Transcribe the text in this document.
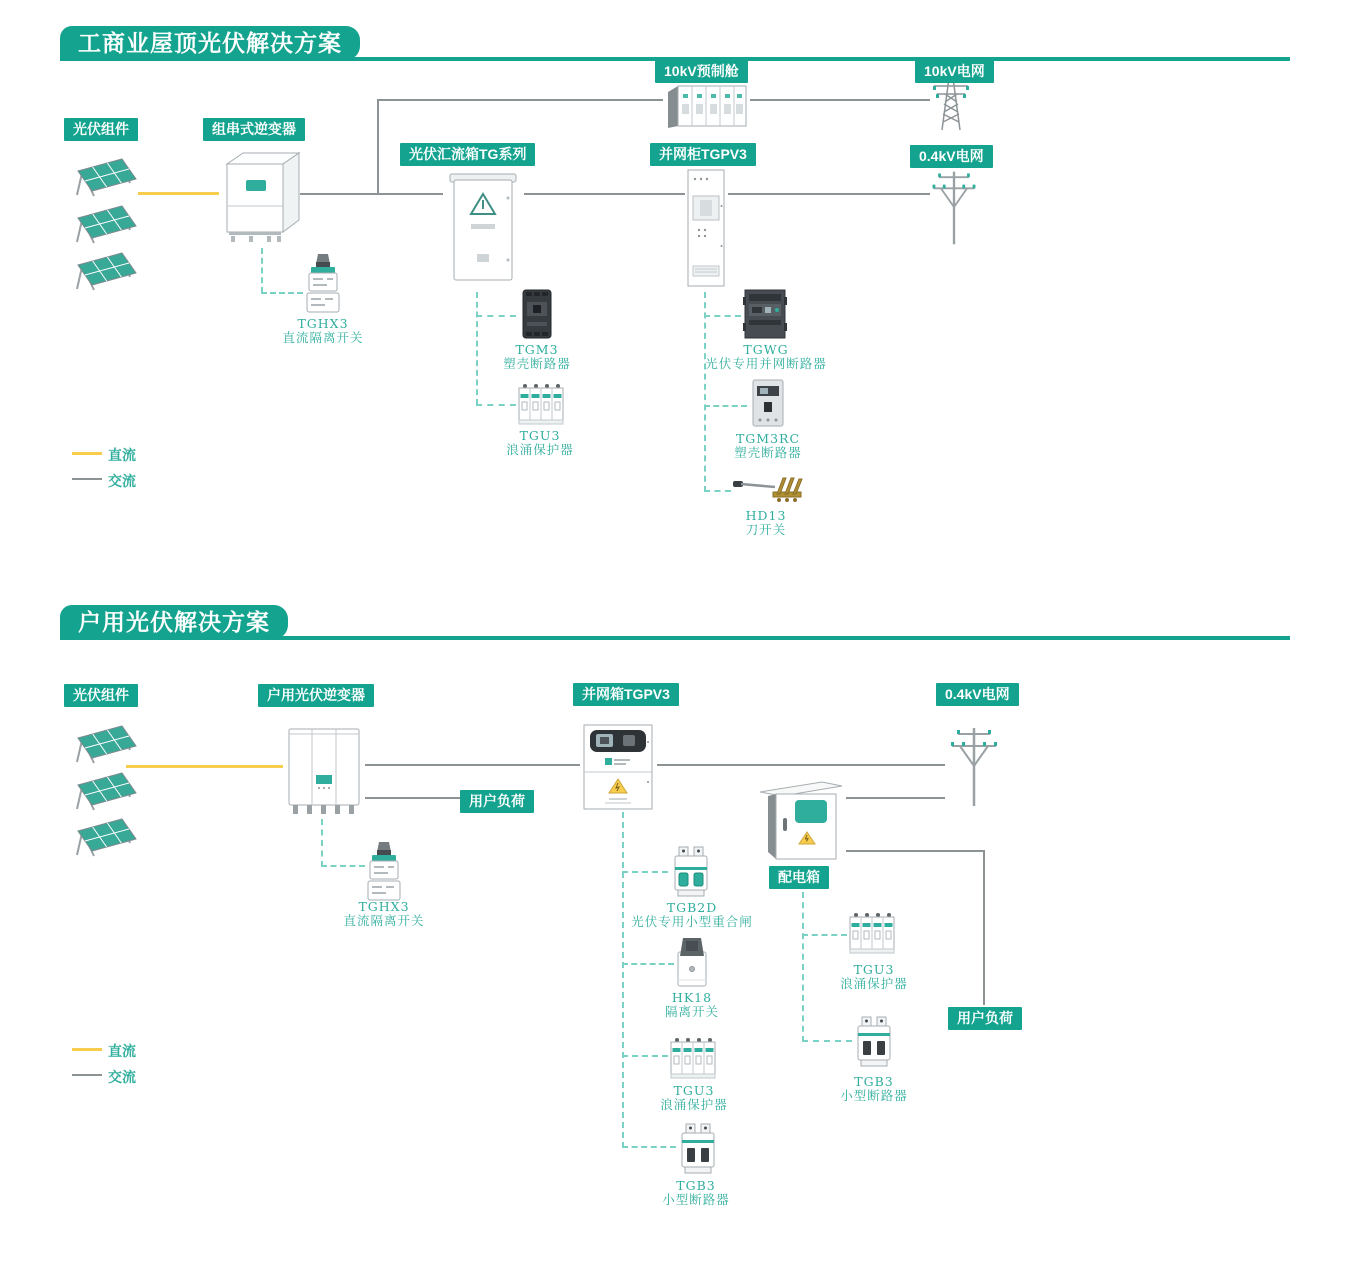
工商业屋顶光伏解决方案
光伏组件	组串式逆变器
光伏汇流箱TG系列	并网柜TGPV3
10kV预制舱	10kV电网
0.4kV电网
TGHX3
直流隔离开关
TGM3
塑壳断路器
TGU3
浪涌保护器
TGWG
光伏专用并网断路器
TGM3RC
塑壳断路器
HD13
刀开关
直流
交流
户用光伏解决方案
光伏组件	户用光伏逆变器	并网箱TGPV3	0.4kV电网
用户负荷
配电箱
用户负荷
TGHX3
直流隔离开关
TGB2D
光伏专用小型重合闸
HK18
隔离开关
TGU3
浪涌保护器
TGB3
小型断路器
TGU3
浪涌保护器
TGB3
小型断路器
直流
交流
